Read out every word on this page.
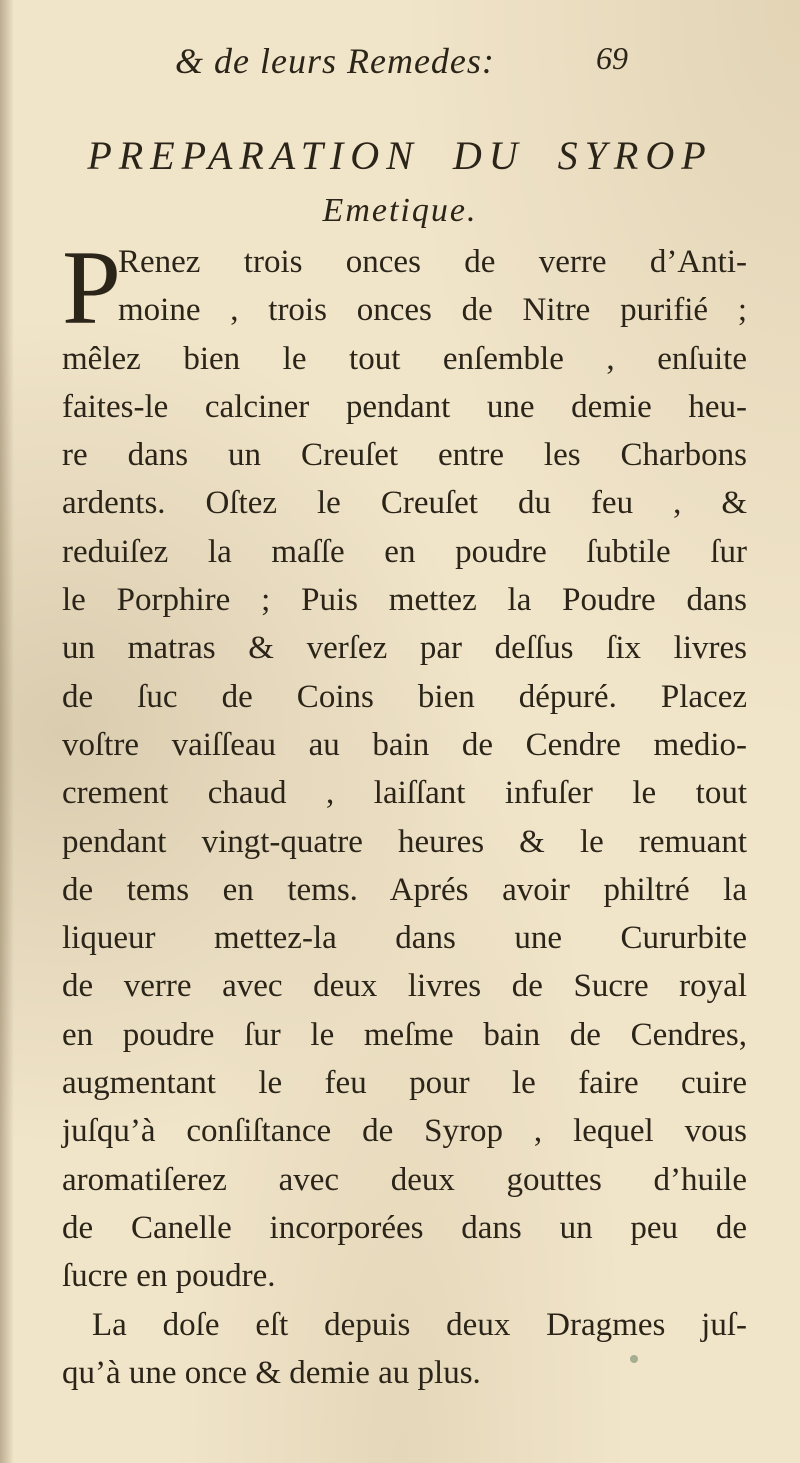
& de leurs Remedes:	69
PREPARATION DU SYROP
Emetique.
P
Renez trois onces de verre d’Anti-
moine , trois onces de Nitre purifié ;
mêlez bien le tout enſemble , enſuite
faites-le calciner pendant une demie heu-
re dans un Creuſet entre les Charbons
ardents. Oſtez le Creuſet du feu , &
reduiſez la maſſe en poudre ſubtile ſur
le Porphire ; Puis mettez la Poudre dans
un matras & verſez par deſſus ſix livres
de ſuc de Coins bien dépuré. Placez
voſtre vaiſſeau au bain de Cendre medio-
crement chaud , laiſſant infuſer le tout
pendant vingt-quatre heures & le remuant
de tems en tems. Aprés avoir philtré la
liqueur mettez-la dans une Cururbite
de verre avec deux livres de Sucre royal
en poudre ſur le meſme bain de Cendres,
augmentant le feu pour le faire cuire
juſqu’à conſiſtance de Syrop , lequel vous
aromatiſerez avec deux gouttes d’huile
de Canelle incorporées dans un peu de
ſucre en poudre.
La doſe eſt depuis deux Dragmes juſ-
qu’à une once & demie au plus.
